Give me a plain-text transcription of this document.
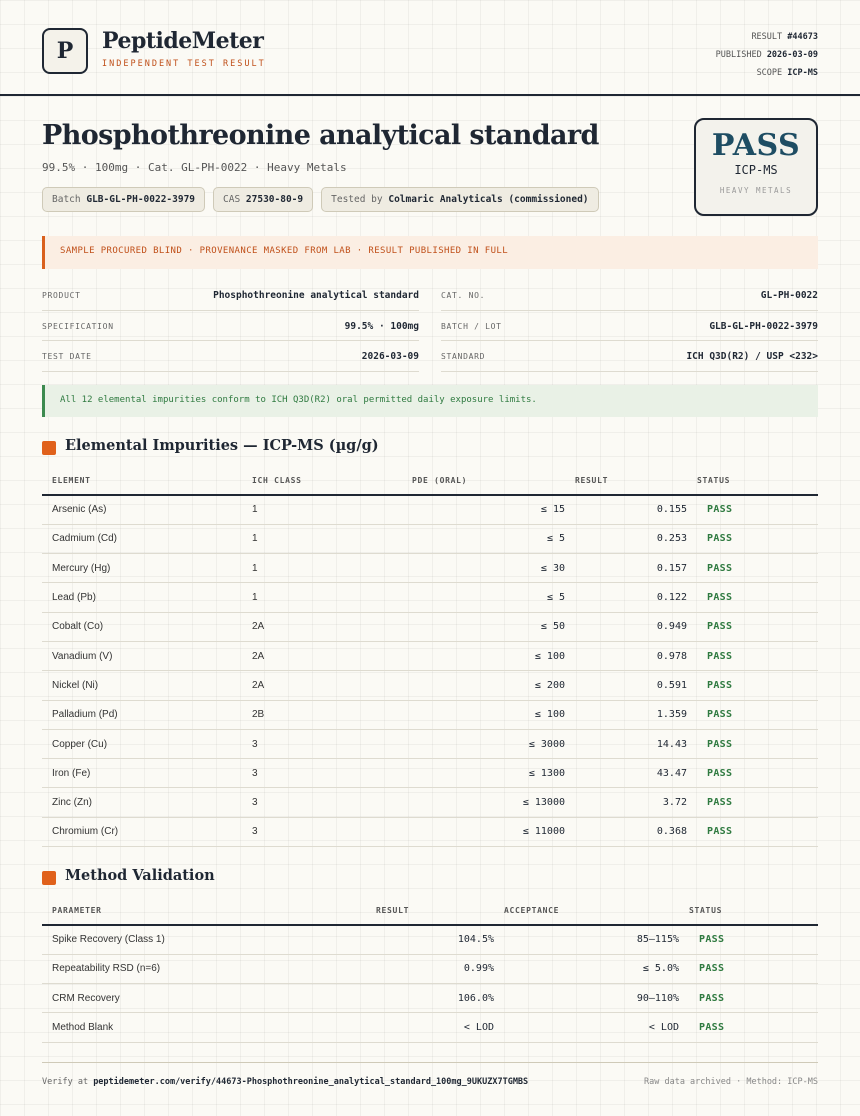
P	PeptideMeter
INDEPENDENT TEST RESULT
RESULT #44673
PUBLISHED 2026-03-09
SCOPE ICP-MS
Phosphothreonine analytical standard
99.5% · 100mg · Cat. GL-PH-0022 · Heavy Metals
Batch GLB-GL-PH-0022-3979	CAS 27530-80-9	Tested by Colmaric Analyticals (commissioned)
PASS
ICP-MS
HEAVY METALS
SAMPLE PROCURED BLIND · PROVENANCE MASKED FROM LAB · RESULT PUBLISHED IN FULL
PRODUCT	Phosphothreonine analytical standard	CAT. NO.	GL-PH-0022
SPECIFICATION	99.5% · 100mg	BATCH / LOT	GLB-GL-PH-0022-3979
TEST DATE	2026-03-09	STANDARD	ICH Q3D(R2) / USP <232>
All 12 elemental impurities conform to ICH Q3D(R2) oral permitted daily exposure limits.
Elemental Impurities — ICP-MS (µg/g)
ELEMENT	ICH CLASS	PDE (ORAL)	RESULT	STATUS
Arsenic (As)	1	≤ 15	0.155	PASS
Cadmium (Cd)	1	≤ 5	0.253	PASS
Mercury (Hg)	1	≤ 30	0.157	PASS
Lead (Pb)	1	≤ 5	0.122	PASS
Cobalt (Co)	2A	≤ 50	0.949	PASS
Vanadium (V)	2A	≤ 100	0.978	PASS
Nickel (Ni)	2A	≤ 200	0.591	PASS
Palladium (Pd)	2B	≤ 100	1.359	PASS
Copper (Cu)	3	≤ 3000	14.43	PASS
Iron (Fe)	3	≤ 1300	43.47	PASS
Zinc (Zn)	3	≤ 13000	3.72	PASS
Chromium (Cr)	3	≤ 11000	0.368	PASS
Method Validation
PARAMETER	RESULT	ACCEPTANCE	STATUS
Spike Recovery (Class 1)	104.5%	85–115%	PASS
Repeatability RSD (n=6)	0.99%	≤ 5.0%	PASS
CRM Recovery	106.0%	90–110%	PASS
Method Blank	< LOD	< LOD	PASS
Verify at peptidemeter.com/verify/44673-Phosphothreonine_analytical_standard_100mg_9UKUZX7TGMBS	Raw data archived · Method: ICP-MS
